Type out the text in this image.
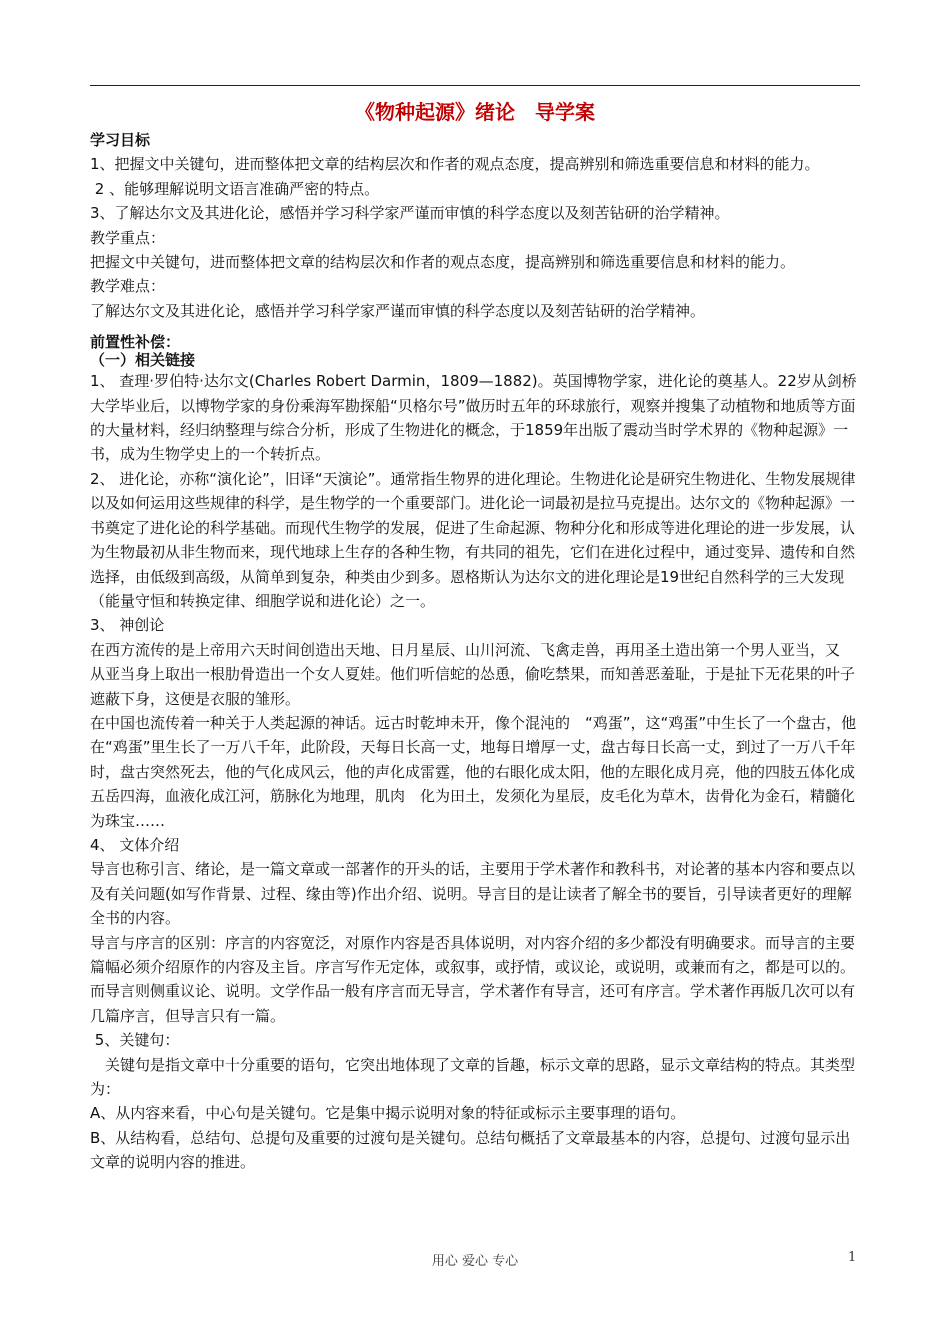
《物种起源》绪论　导学案

学习目标

1、把握文中关键句，进而整体把文章的结构层次和作者的观点态度，提高辨别和筛选重要信息和材料的能力。

2 、能够理解说明文语言准确严密的特点。

3、了解达尔文及其进化论，感悟并学习科学家严谨而审慎的科学态度以及刻苦钻研的治学精神。

教学重点：

把握文中关键句，进而整体把文章的结构层次和作者的观点态度，提高辨别和筛选重要信息和材料的能力。

教学难点：

了解达尔文及其进化论，感悟并学习科学家严谨而审慎的科学态度以及刻苦钻研的治学精神。

前置性补偿：

（一）相关链接

1、 查理·罗伯特·达尔文(Charles Robert Darmin，1809—1882)。英国博物学家，进化论的奠基人。22岁从剑桥大学毕业后，以博物学家的身份乘海军勘探船“贝格尔号”做历时五年的环球旅行，观察并搜集了动植物和地质等方面的大量材料，经归纳整理与综合分析，形成了生物进化的概念，于1859年出版了震动当时学术界的《物种起源》一书，成为生物学史上的一个转折点。

2、 进化论，亦称“演化论”，旧译“天演论”。通常指生物界的进化理论。生物进化论是研究生物进化、生物发展规律以及如何运用这些规律的科学，是生物学的一个重要部门。进化论一词最初是拉马克提出。达尔文的《物种起源》一书奠定了进化论的科学基础。而现代生物学的发展，促进了生命起源、物种分化和形成等进化理论的进一步发展，认为生物最初从非生物而来，现代地球上生存的各种生物，有共同的祖先，它们在进化过程中，通过变异、遗传和自然选择，由低级到高级，从简单到复杂，种类由少到多。恩格斯认为达尔文的进化理论是19世纪自然科学的三大发现（能量守恒和转换定律、细胞学说和进化论）之一。

3、 神创论

在西方流传的是上帝用六天时间创造出天地、日月星辰、山川河流、飞禽走兽，再用圣土造出第一个男人亚当，又　从亚当身上取出一根肋骨造出一个女人夏娃。他们听信蛇的怂恿，偷吃禁果，而知善恶羞耻，于是扯下无花果的叶子遮蔽下身，这便是衣服的雏形。

在中国也流传着一种关于人类起源的神话。远古时乾坤未开，像个混沌的　“鸡蛋”，这“鸡蛋”中生长了一个盘古，他在“鸡蛋”里生长了一万八千年，此阶段，天每日长高一丈，地每日增厚一丈，盘古每日长高一丈，到过了一万八千年　时，盘古突然死去，他的气化成风云，他的声化成雷霆，他的右眼化成太阳，他的左眼化成月亮，他的四肢五体化成五岳四海，血液化成江河，筋脉化为地理，肌肉　化为田土，发须化为星辰，皮毛化为草木，齿骨化为金石，精髓化为珠宝……

4、 文体介绍

导言也称引言、绪论，是一篇文章或一部著作的开头的话，主要用于学术著作和教科书，对论著的基本内容和要点以及有关问题(如写作背景、过程、缘由等)作出介绍、说明。导言目的是让读者了解全书的要旨，引导读者更好的理解全书的内容。

导言与序言的区别：序言的内容宽泛，对原作内容是否具体说明，对内容介绍的多少都没有明确要求。而导言的主要篇幅必须介绍原作的内容及主旨。序言写作无定体，或叙事，或抒情，或议论，或说明，或兼而有之，都是可以的。而导言则侧重议论、说明。文学作品一般有序言而无导言，学术著作有导言，还可有序言。学术著作再版几次可以有几篇序言，但导言只有一篇。

5、关键句：

　关键句是指文章中十分重要的语句，它突出地体现了文章的旨趣，标示文章的思路，显示文章结构的特点。其类型为：

A、从内容来看，中心句是关键句。它是集中揭示说明对象的特征或标示主要事理的语句。

B、从结构看，总结句、总提句及重要的过渡句是关键句。总结句概括了文章最基本的内容，总提句、过渡句显示出文章的说明内容的推进。

用心 爱心 专心	1
